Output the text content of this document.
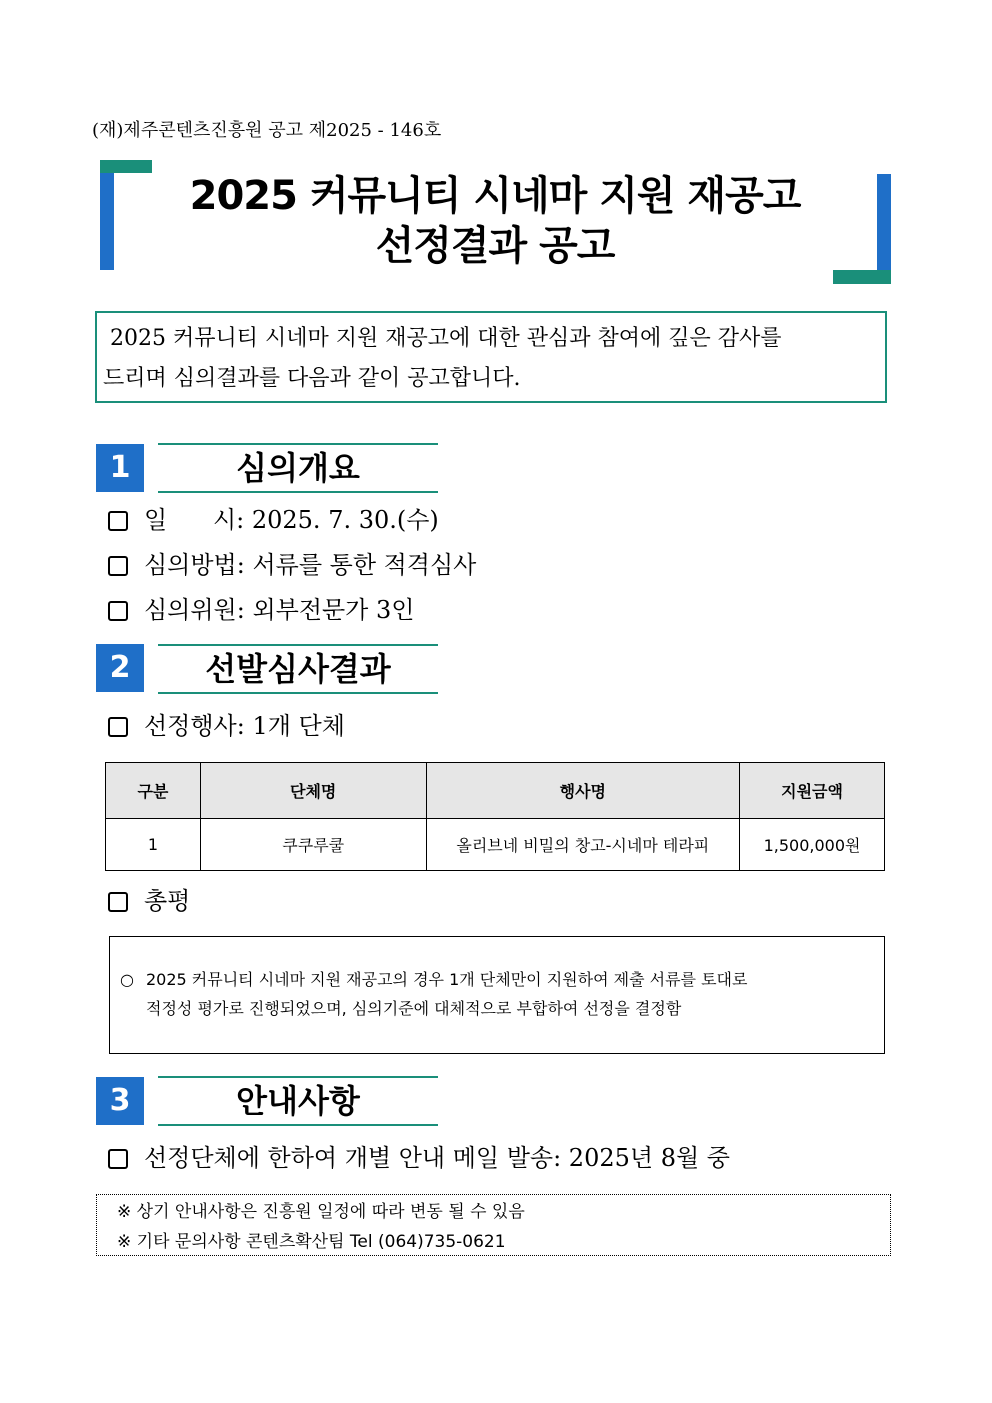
(재)제주콘텐츠진흥원 공고 제2025 - 146호
2025 커뮤니티 시네마 지원 재공고
선정결과 공고
2025 커뮤니티 시네마 지원 재공고에 대한 관심과 참여에 깊은 감사를
드리며 심의결과를 다음과 같이 공고합니다.
1	심의개요
일      시: 2025. 7. 30.(수)
심의방법: 서류를 통한 적격심사
심의위원: 외부전문가 3인
2	선발심사결과
선정행사: 1개 단체
구분	단체명	행사명	지원금액
1	쿠쿠루쿨	올리브네 비밀의 창고-시네마 테라피	1,500,000원
총평
○ 2025 커뮤니티 시네마 지원 재공고의 경우 1개 단체만이 지원하여 제출 서류를 토대로
적정성 평가로 진행되었으며, 심의기준에 대체적으로 부합하여 선정을 결정함
3	안내사항
선정단체에 한하여 개별 안내 메일 발송: 2025년 8월 중
※ 상기 안내사항은 진흥원 일정에 따라 변동 될 수 있음
※ 기타 문의사항 콘텐츠확산팀 Tel (064)735-0621
